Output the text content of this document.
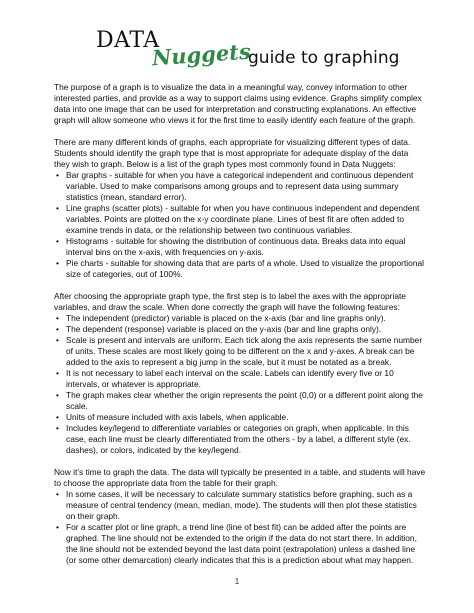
DATA
Nuggets
guide to graphing

The purpose of a graph is to visualize the data in a meaningful way, convey information to other interested parties, and provide as a way to support claims using evidence. Graphs simplify complex data into one image that can be used for interpretation and constructing explanations. An effective graph will allow someone who views it for the first time to easily identify each feature of the graph.

There are many different kinds of graphs, each appropriate for visualizing different types of data. Students should identify the graph type that is most appropriate for adequate display of the data they wish to graph. Below is a list of the graph types most commonly found in Data Nuggets:

• Bar graphs - suitable for when you have a categorical independent and continuous dependent variable. Used to make comparisons among groups and to represent data using summary statistics (mean, standard error).
• Line graphs (scatter plots) - suitable for when you have continuous independent and dependent variables. Points are plotted on the x-y coordinate plane. Lines of best fit are often added to examine trends in data, or the relationship between two continuous variables.
• Histograms - suitable for showing the distribution of continuous data. Breaks data into equal interval bins on the x-axis, with frequencies on y-axis.
• Pie charts - suitable for showing data that are parts of a whole. Used to visualize the proportional size of categories, out of 100%.

After choosing the appropriate graph type, the first step is to label the axes with the appropriate variables, and draw the scale. When done correctly the graph will have the following features:

• The independent (predictor) variable is placed on the x-axis (bar and line graphs only).
• The dependent (response) variable is placed on the y-axis (bar and line graphs only).
• Scale is present and intervals are uniform. Each tick along the axis represents the same number of units. These scales are most likely going to be different on the x and y-axes. A break can be added to the axis to represent a big jump in the scale, but it must be notated as a break.
• It is not necessary to label each interval on the scale. Labels can identify every five or 10 intervals, or whatever is appropriate.
• The graph makes clear whether the origin represents the point (0,0) or a different point along the scale.
• Units of measure included with axis labels, when applicable.
• Includes key/legend to differentiate variables or categories on graph, when applicable. In this case, each line must be clearly differentiated from the others - by a label, a different style (ex. dashes), or colors, indicated by the key/legend.

Now it’s time to graph the data. The data will typically be presented in a table, and students will have to choose the appropriate data from the table for their graph.

• In some cases, it will be necessary to calculate summary statistics before graphing, such as a measure of central tendency (mean, median, mode). The students will then plot these statistics on their graph.
• For a scatter plot or line graph, a trend line (line of best fit) can be added after the points are graphed. The line should not be extended to the origin if the data do not start there. In addition, the line should not be extended beyond the last data point (extrapolation) unless a dashed line (or some other demarcation) clearly indicates that this is a prediction about what may happen.
1
